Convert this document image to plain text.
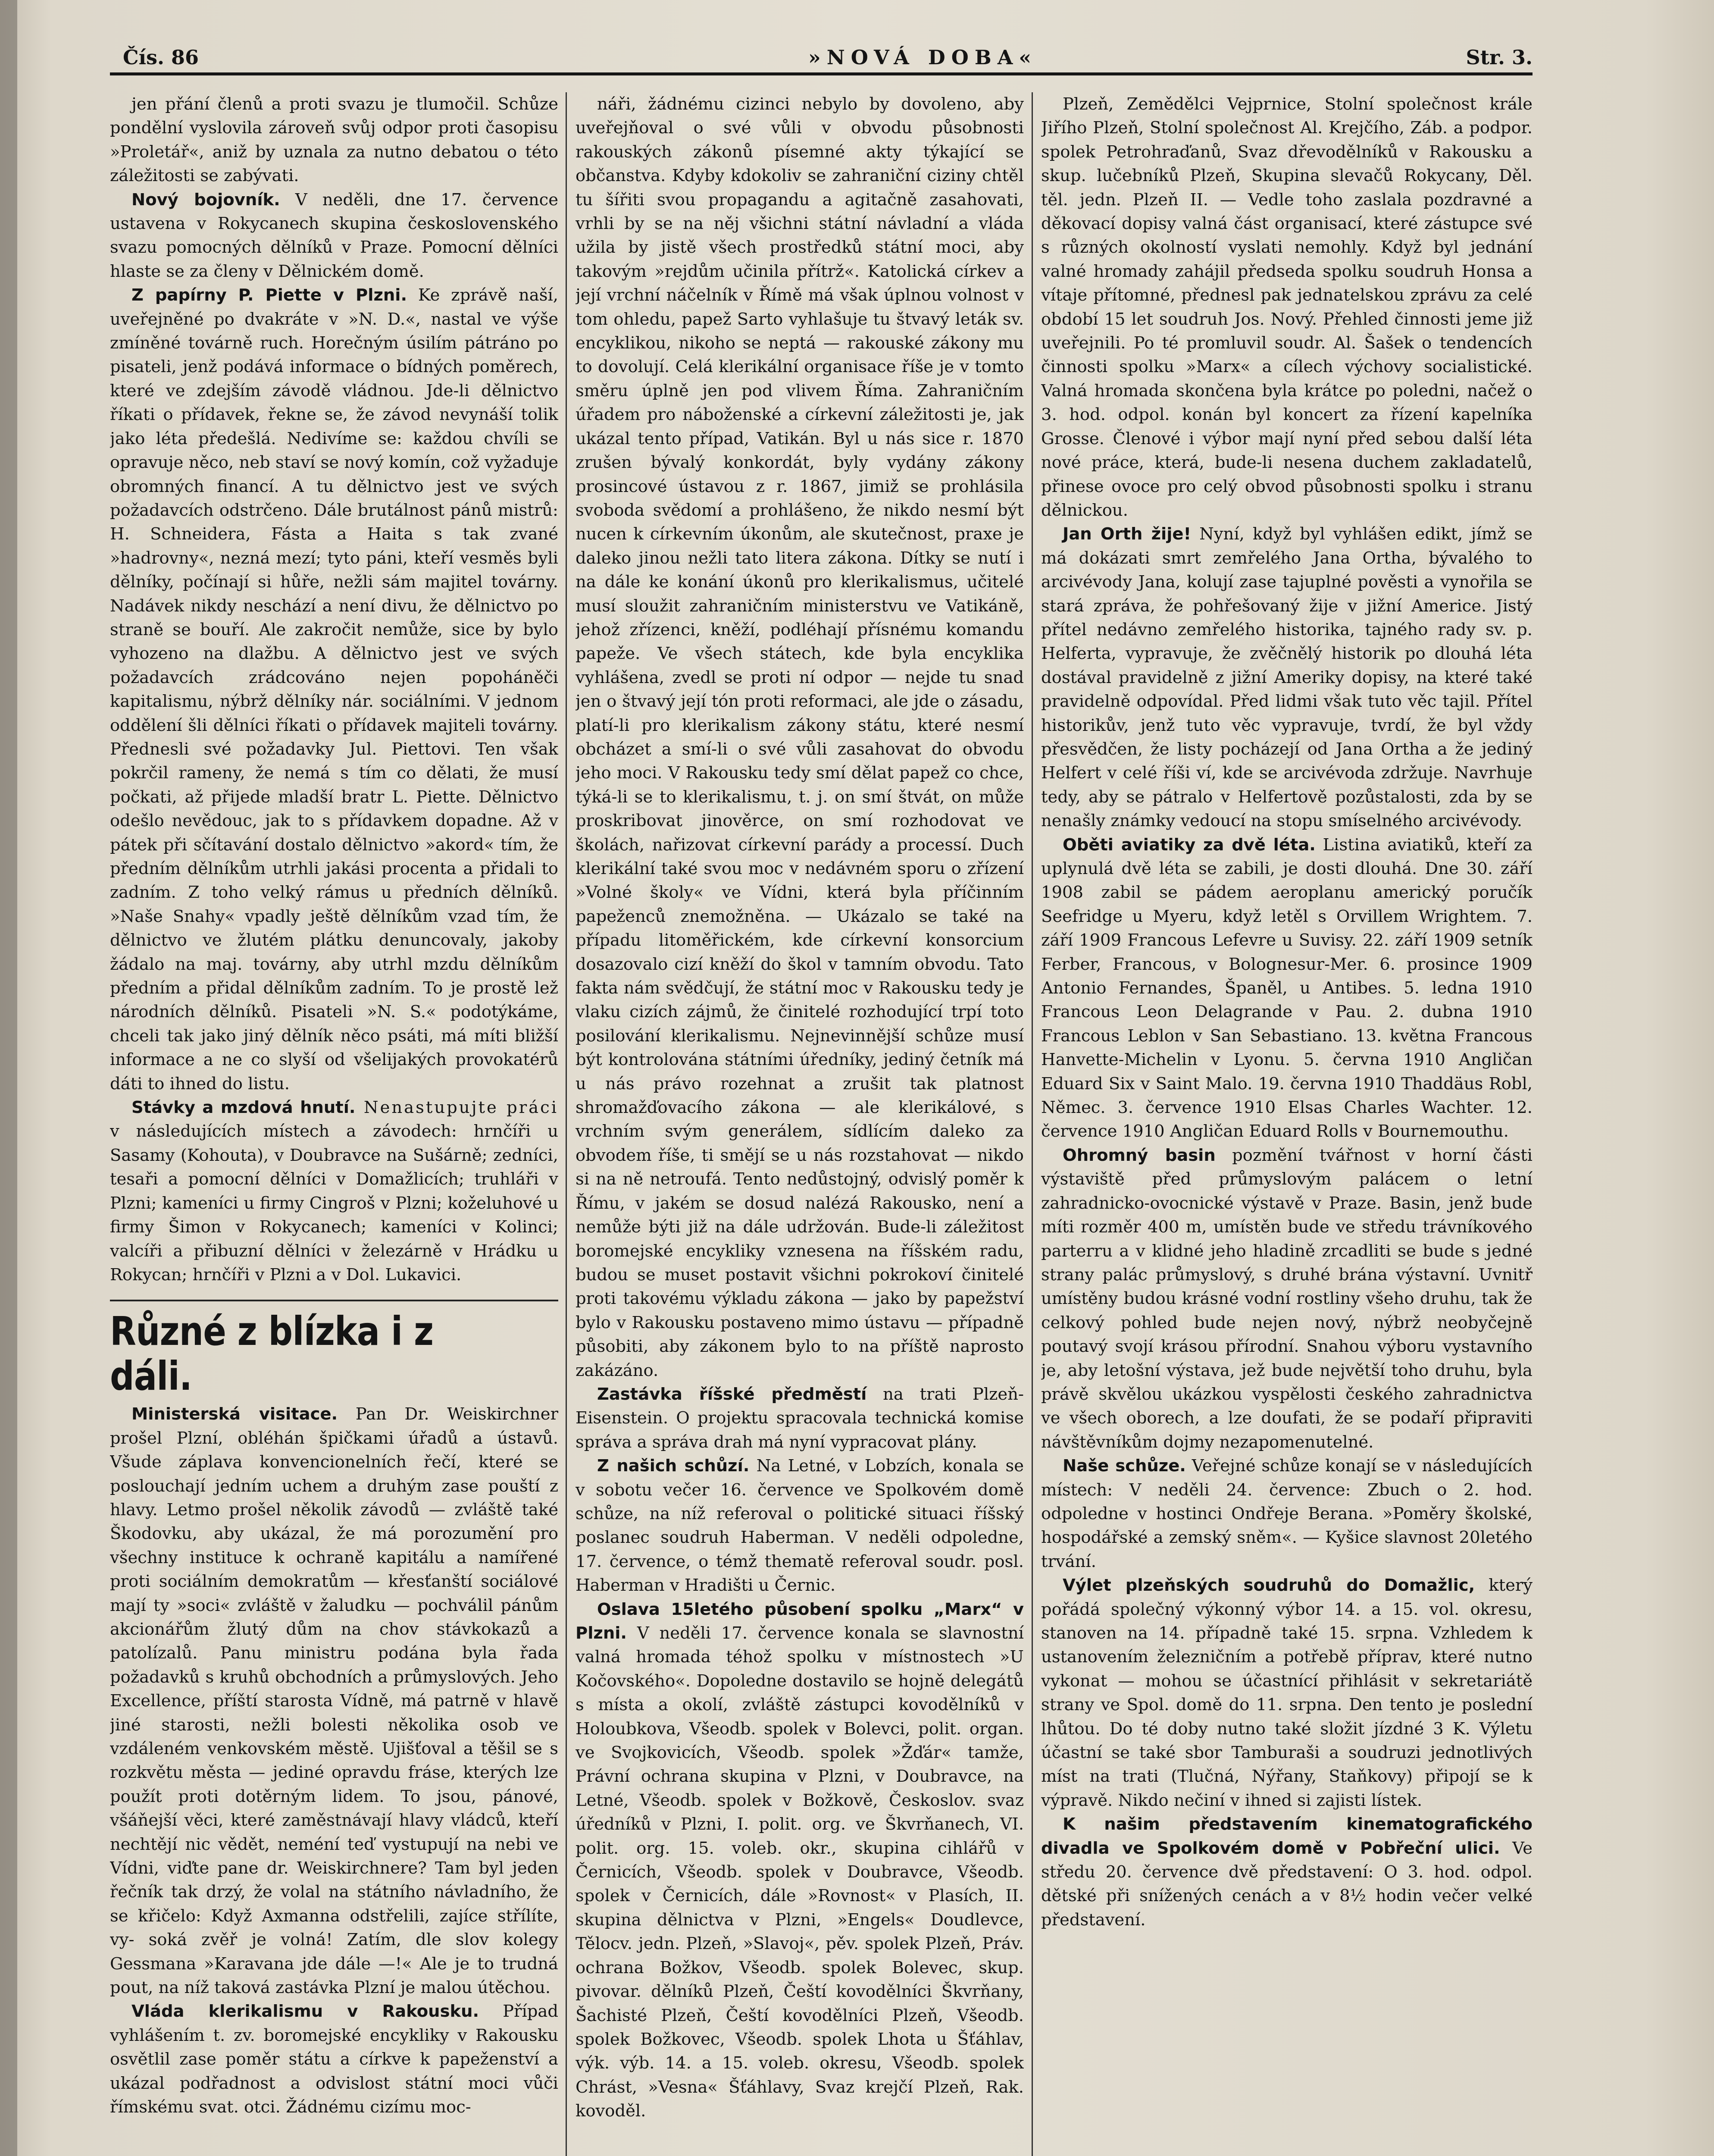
Čís. 86	»NOVÁ DOBA«	Str. 3.

jen přání členů a proti svazu je tlumočil. Schůze pondělní vyslovila zároveň svůj odpor proti časopisu »Proletář«, aniž by uznala za nutno debatou o této záležitosti se zabývati.

Nový bojovník. V neděli, dne 17. července ustavena v Rokycanech skupina československého svazu pomocných dělníků v Praze. Pomocní dělníci hlaste se za členy v Dělnickém domě.

Z papírny P. Piette v Plzni. Ke zprávě naší, uveřejněné po dvakráte v »N. D.«, nastal ve výše zmíněné továrně ruch. Horečným úsilím pátráno po pisateli, jenž podává informace o bídných poměrech, které ve zdejším závodě vládnou. Jde-li dělnictvo říkati o přídavek, řekne se, že závod nevynáší tolik jako léta předešlá. Nedivíme se: každou chvíli se opravuje něco, neb staví se nový komín, což vyžaduje obromných financí. A tu dělnictvo jest ve svých požadavcích odstrčeno. Dále brutálnost pánů mistrů: H. Schneidera, Fásta a Haita s tak zvané »hadrovny«, nezná mezí; tyto páni, kteří vesměs byli dělníky, počínají si hůře, nežli sám majitel továrny. Nadávek nikdy neschází a není divu, že dělnictvo po straně se bouří. Ale zakročit nemůže, sice by bylo vyhozeno na dlažbu. A dělnictvo jest ve svých požadavcích zrádcováno nejen popoháněči kapitalismu, nýbrž dělníky nár. sociálními. V jednom oddělení šli dělníci říkati o přídavek majiteli továrny. Přednesli své požadavky Jul. Piettovi. Ten však pokrčil rameny, že nemá s tím co dělati, že musí počkati, až přijede mladší bratr L. Piette. Dělnictvo odešlo nevědouc, jak to s přídavkem dopadne. Až v pátek při sčítavání dostalo dělnictvo »akord« tím, že předním dělníkům utrhli jakási procenta a přidali to zadním. Z toho velký rámus u předních dělníků. »Naše Snahy« vpadly ještě dělníkům vzad tím, že dělnictvo ve žlutém plátku denuncovaly, jakoby žádalo na maj. továrny, aby utrhl mzdu dělníkům předním a přidal dělníkům zadním. To je prostě lež národních dělníků. Pisateli »N. S.« podotýkáme, chceli tak jako jiný dělník něco psáti, má míti bližší informace a ne co slyší od všelijakých provokatérů dáti to ihned do listu.

Stávky a mzdová hnutí. Nenastupujte práci v následujících místech a závodech: hrnčíři u Sasamy (Kohouta), v Doubravce na Sušárně; zedníci, tesaři a pomocní dělníci v Domažlicích; truhláři v Plzni; kameníci u firmy Cingroš v Plzni; koželuhové u firmy Šimon v Rokycanech; kameníci v Kolinci; valcíři a přibuzní dělníci v železárně v Hrádku u Rokycan; hrnčíři v Plzni a v Dol. Lukavici.

Různé z blízka i z dáli.

Ministerská visitace. Pan Dr. Weiskirchner prošel Plzní, obléhán špičkami úřadů a ústavů. Všude záplava konvencionelních řečí, které se poslouchají jedním uchem a druhým zase pouští z hlavy. Letmo prošel několik závodů — zvláště také Škodovku, aby ukázal, že má porozumění pro všechny instituce k ochraně kapitálu a namířené proti sociálním demokratům — křesťanští sociálové mají ty »soci« zvláště v žaludku — pochválil pánům akcionářům žlutý dům na chov stávkokazů a patolízalů. Panu ministru podána byla řada požadavků s kruhů obchodních a průmyslových. Jeho Excellence, příští starosta Vídně, má patrně v hlavě jiné starosti, nežli bolesti několika osob ve vzdáleném venkovském městě. Ujišťoval a těšil se s rozkvětu města — jediné opravdu fráse, kterých lze použít proti dotěrným lidem. To jsou, pánové, všáňejší věci, které zaměstnávají hlavy vládců, kteří nechtějí nic vědět, neméní teď vystupují na nebi ve Vídni, viďte pane dr. Weiskirchnere? Tam byl jeden řečník tak drzý, že volal na státního návladního, že se křičelo: Když Axmanna odstřelili, zajíce střílíte, vy- soká zvěř je volná! Zatím, dle slov kolegy Gessmana »Karavana jde dále —!« Ale je to trudná pout, na níž taková zastávka Plzní je malou útěchou.

Vláda klerikalismu v Rakousku. Případ vyhlášením t. zv. boromejské encykliky v Rakousku osvětlil zase poměr státu a církve k papeženství a ukázal podřadnost a odvislost státní moci vůči římskému svat. otci. Žádnému cizímu moc-

náři, žádnému cizinci nebylo by dovoleno, aby uveřejňoval o své vůli v obvodu působnosti rakouských zákonů písemné akty týkající se občanstva. Kdyby kdokoliv se zahraniční ciziny chtěl tu šířiti svou propagandu a agitačně zasahovati, vrhli by se na něj všichni státní návladní a vláda užila by jistě všech prostředků státní moci, aby takovým »rejdům učinila přítrž«. Katolická církev a její vrchní náčelník v Římě má však úplnou volnost v tom ohledu, papež Sarto vyhlašuje tu štvavý leták sv. encyklikou, nikoho se neptá — rakouské zákony mu to dovolují. Celá klerikální organisace říše je v tomto směru úplně jen pod vlivem Říma. Zahraničním úřadem pro náboženské a církevní záležitosti je, jak ukázal tento případ, Vatikán. Byl u nás sice r. 1870 zrušen bývalý konkordát, byly vydány zákony prosincové ústavou z r. 1867, jimiž se prohlásila svoboda svědomí a prohlášeno, že nikdo nesmí být nucen k církevním úkonům, ale skutečnost, praxe je daleko jinou nežli tato litera zákona. Dítky se nutí i na dále ke konání úkonů pro klerikalismus, učitelé musí sloužit zahraničním ministerstvu ve Vatikáně, jehož zřízenci, kněží, podléhají přísnému komandu papeže. Ve všech státech, kde byla encyklika vyhlášena, zvedl se proti ní odpor — nejde tu snad jen o štvavý její tón proti reformaci, ale jde o zásadu, platí-li pro klerikalism zákony státu, které nesmí obcházet a smí-li o své vůli zasahovat do obvodu jeho moci. V Rakousku tedy smí dělat papež co chce, týká-li se to klerikalismu, t. j. on smí štvát, on může proskribovat jinověrce, on smí rozhodovat ve školách, nařizovat církevní parády a processí. Duch klerikální také svou moc v nedávném sporu o zřízení »Volné školy« ve Vídni, která byla příčinním papeženců znemožněna. — Ukázalo se také na případu litoměřickém, kde církevní konsorcium dosazovalo cizí kněží do škol v tamním obvodu. Tato fakta nám svědčují, že státní moc v Rakousku tedy je vlaku cizích zájmů, že činitelé rozhodující trpí toto posilování klerikalismu. Nejnevinnější schůze musí být kontrolována státními úředníky, jediný četník má u nás právo rozehnat a zrušit tak platnost shromažďovacího zákona — ale klerikálové, s vrchním svým generálem, sídlícím daleko za obvodem říše, ti smějí se u nás rozstahovat — nikdo si na ně netroufá. Tento nedůstojný, odvislý poměr k Římu, v jakém se dosud nalézá Rakousko, není a nemůže býti již na dále udržován. Bude-li záležitost boromejské encykliky vznesena na říšském radu, budou se muset postavit všichni pokrokoví činitelé proti takovému výkladu zákona — jako by papežství bylo v Rakousku postaveno mimo ústavu — případně působiti, aby zákonem bylo to na příště naprosto zakázáno.

Zastávka říšské předměstí na trati Plzeň-Eisenstein. O projektu spracovala technická komise správa a správa drah má nyní vypracovat plány.

Z našich schůzí. Na Letné, v Lobzích, konala se v sobotu večer 16. července ve Spolkovém domě schůze, na níž referoval o politické situaci říšský poslanec soudruh Haberman. V neděli odpoledne, 17. července, o témž thematě referoval soudr. posl. Haberman v Hradišti u Černic.

Oslava 15letého působení spolku „Marx“ v Plzni. V neděli 17. července konala se slavnostní valná hromada téhož spolku v místnostech »U Kočovského«. Dopoledne dostavilo se hojně delegátů s místa a okolí, zvláště zástupci kovodělníků v Holoubkova, Všeodb. spolek v Bolevci, polit. organ. ve Svojkovicích, Všeodb. spolek »Žďár« tamže, Právní ochrana skupina v Plzni, v Doubravce, na Letné, Všeodb. spolek v Božkově, Českoslov. svaz úředníků v Plzni, I. polit. org. ve Škvrňanech, VI. polit. org. 15. voleb. okr., skupina cihlářů v Černicích, Všeodb. spolek v Doubravce, Všeodb. spolek v Černicích, dále »Rovnost« v Plasích, II. skupina dělnictva v Plzni, »Engels« Doudlevce, Tělocv. jedn. Plzeň, »Slavoj«, pěv. spolek Plzeň, Práv. ochrana Božkov, Všeodb. spolek Bolevec, skup. pivovar. dělníků Plzeň, Čeští kovodělníci Škvrňany, Šachisté Plzeň, Čeští kovodělníci Plzeň, Všeodb. spolek Božkovec, Všeodb. spolek Lhota u Šťáhlav, výk. výb. 14. a 15. voleb. okresu, Všeodb. spolek Chrást, »Vesna« Šťáhlavy, Svaz krejčí Plzeň, Rak. kovoděl.

Plzeň, Zemědělci Vejprnice, Stolní společnost krále Jiřího Plzeň, Stolní společnost Al. Krejčího, Záb. a podpor. spolek Petrohraďanů, Svaz dřevodělníků v Rakousku a skup. lučebníků Plzeň, Skupina slevačů Rokycany, Děl. těl. jedn. Plzeň II. — Vedle toho zaslala pozdravné a děkovací dopisy valná část organisací, které zástupce své s různých okolností vyslati nemohly. Když byl jednání valné hromady zahájil předseda spolku soudruh Honsa a vítaje přítomné, přednesl pak jednatelskou zprávu za celé období 15 let soudruh Jos. Nový. Přehled činnosti jeme již uveřejnili. Po té promluvil soudr. Al. Šašek o tendencích činnosti spolku »Marx« a cílech výchovy socialistické. Valná hromada skončena byla krátce po poledni, načež o 3. hod. odpol. konán byl koncert za řízení kapelníka Grosse. Členové i výbor mají nyní před sebou další léta nové práce, která, bude-li nesena duchem zakladatelů, přinese ovoce pro celý obvod působnosti spolku i stranu dělnickou.

Jan Orth žije! Nyní, když byl vyhlášen edikt, jímž se má dokázati smrt zemřelého Jana Ortha, bývalého to arcivévody Jana, kolují zase tajuplné pověsti a vynořila se stará zpráva, že pohřešovaný žije v jižní Americe. Jistý přítel nedávno zemřelého historika, tajného rady sv. p. Helferta, vypravuje, že zvěčnělý historik po dlouhá léta dostával pravidelně z jižní Ameriky dopisy, na které také pravidelně odpovídal. Před lidmi však tuto věc tajil. Přítel historikův, jenž tuto věc vypravuje, tvrdí, že byl vždy přesvědčen, že listy pocházejí od Jana Ortha a že jediný Helfert v celé říši ví, kde se arcivévoda zdržuje. Navrhuje tedy, aby se pátralo v Helfertově pozůstalosti, zda by se nenašly známky vedoucí na stopu smíselného arcivévody.

Oběti aviatiky za dvě léta. Listina aviatiků, kteří za uplynulá dvě léta se zabili, je dosti dlouhá. Dne 30. září 1908 zabil se pádem aeroplanu americký poručík Seefridge u Myeru, když letěl s Orvillem Wrightem. 7. září 1909 Francous Lefevre u Suvisy. 22. září 1909 setník Ferber, Francous, v Bolognesur-Mer. 6. prosince 1909 Antonio Fernandes, Španěl, u Antibes. 5. ledna 1910 Francous Leon Delagrande v Pau. 2. dubna 1910 Francous Leblon v San Sebastiano. 13. května Francous Hanvette-Michelin v Lyonu. 5. června 1910 Angličan Eduard Six v Saint Malo. 19. června 1910 Thaddäus Robl, Němec. 3. července 1910 Elsas Charles Wachter. 12. července 1910 Angličan Eduard Rolls v Bournemouthu.

Ohromný basin pozmění tvářnost v horní části výstaviště před průmyslovým palácem o letní zahradnicko-ovocnické výstavě v Praze. Basin, jenž bude míti rozměr 400 m, umístěn bude ve středu trávníkového parterru a v klidné jeho hladině zrcadliti se bude s jedné strany palác průmyslový, s druhé brána výstavní. Uvnitř umístěny budou krásné vodní rostliny všeho druhu, tak že celkový pohled bude nejen nový, nýbrž neobyčejně poutavý svojí krásou přírodní. Snahou výboru vystavního je, aby letošní výstava, jež bude největší toho druhu, byla právě skvělou ukázkou vyspělosti českého zahradnictva ve všech oborech, a lze doufati, že se podaří připraviti návštěvníkům dojmy nezapomenutelné.

Naše schůze. Veřejné schůze konají se v následujících místech: V neděli 24. července: Zbuch o 2. hod. odpoledne v hostinci Ondřeje Berana. »Poměry školské, hospodářské a zemský sněm«. — Kyšice slavnost 20letého trvání.

Výlet plzeňských soudruhů do Domažlic, který pořádá společný výkonný výbor 14. a 15. vol. okresu, stanoven na 14. případně také 15. srpna. Vzhledem k ustanovením železničním a potřebě příprav, které nutno vykonat — mohou se účastnící přihlásit v sekretariátě strany ve Spol. domě do 11. srpna. Den tento je poslední lhůtou. Do té doby nutno také složit jízdné 3 K. Výletu účastní se také sbor Tamburaši a soudruzi jednotlivých míst na trati (Tlučná, Nýřany, Staňkovy) připojí se k výpravě. Nikdo nečiní v ihned si zajisti lístek.

K našim představením kinematografického divadla ve Spolkovém domě v Pobřeční ulici. Ve středu 20. července dvě představení: O 3. hod. odpol. dětské při snížených cenách a v 8½ hodin večer velké představení.
